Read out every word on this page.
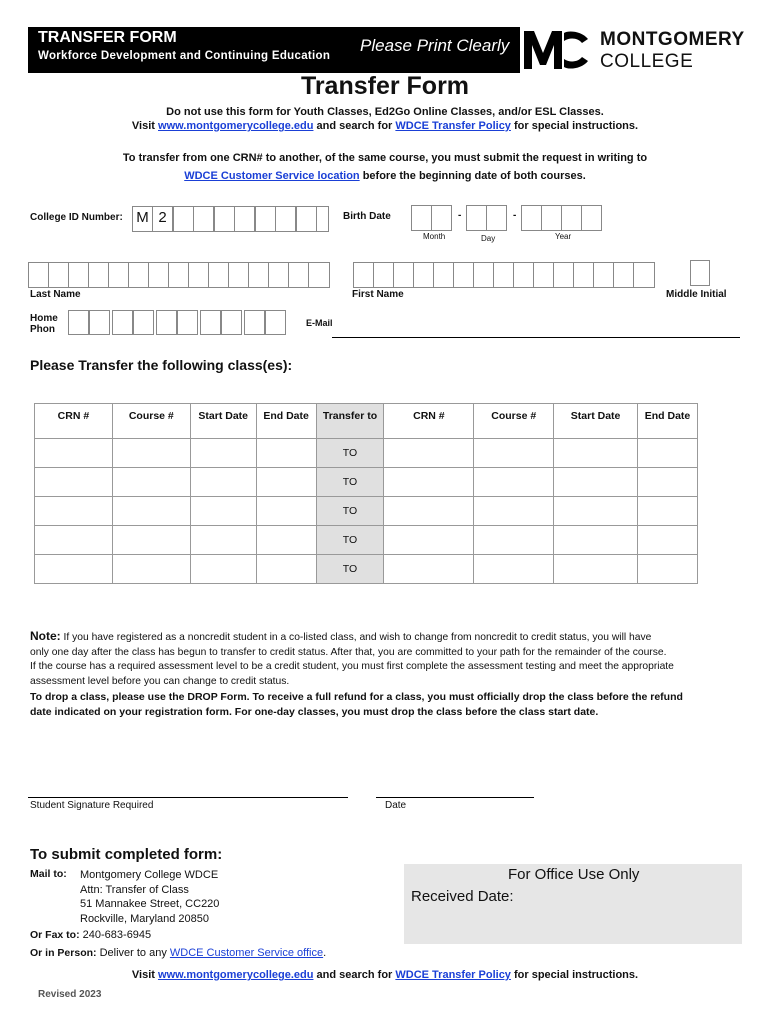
TRANSFER FORM
Workforce Development and Continuing Education
Please Print Clearly	MONTGOMERY
COLLEGE
Transfer Form
Do not use this form for Youth Classes, Ed2Go Online Classes, and/or ESL Classes.
Visit www.montgomerycollege.edu and search for WDCE Transfer Policy for special instructions.
To transfer from one CRN# to another, of the same course, you must submit the request in writing to
WDCE Customer Service location before the beginning date of both courses.
College ID Number: M 2	Birth Date	-	-
Month	Day	Year
Last Name	First Name	Middle Initial
Home Phon
E-Mail
Please Transfer the following class(es):
CRN #	Course #	Start Date	End Date	Transfer to	CRN #	Course #	Start Date	End Date
				TO				
				TO				
				TO				
				TO				
				TO				
Note: If you have registered as a noncredit student in a co-listed class, and wish to change from noncredit to credit status, you will have
only one day after the class has begun to transfer to credit status. After that, you are committed to your path for the remainder of the course.
If the course has a required assessment level to be a credit student, you must first complete the assessment testing and meet the appropriate
assessment level before you can change to credit status.
To drop a class, please use the DROP Form. To receive a full refund for a class, you must officially drop the class before the refund
date indicated on your registration form. For one-day classes, you must drop the class before the class start date.
Student Signature Required	Date
To submit completed form:
Mail to: Montgomery College WDCE
Attn: Transfer of Class
51 Mannakee Street, CC220
Rockville, Maryland 20850
Or Fax to: 240-683-6945
Or in Person: Deliver to any WDCE Customer Service office.
For Office Use Only
Received Date:
Visit www.montgomerycollege.edu and search for WDCE Transfer Policy for special instructions.
Revised 2023
